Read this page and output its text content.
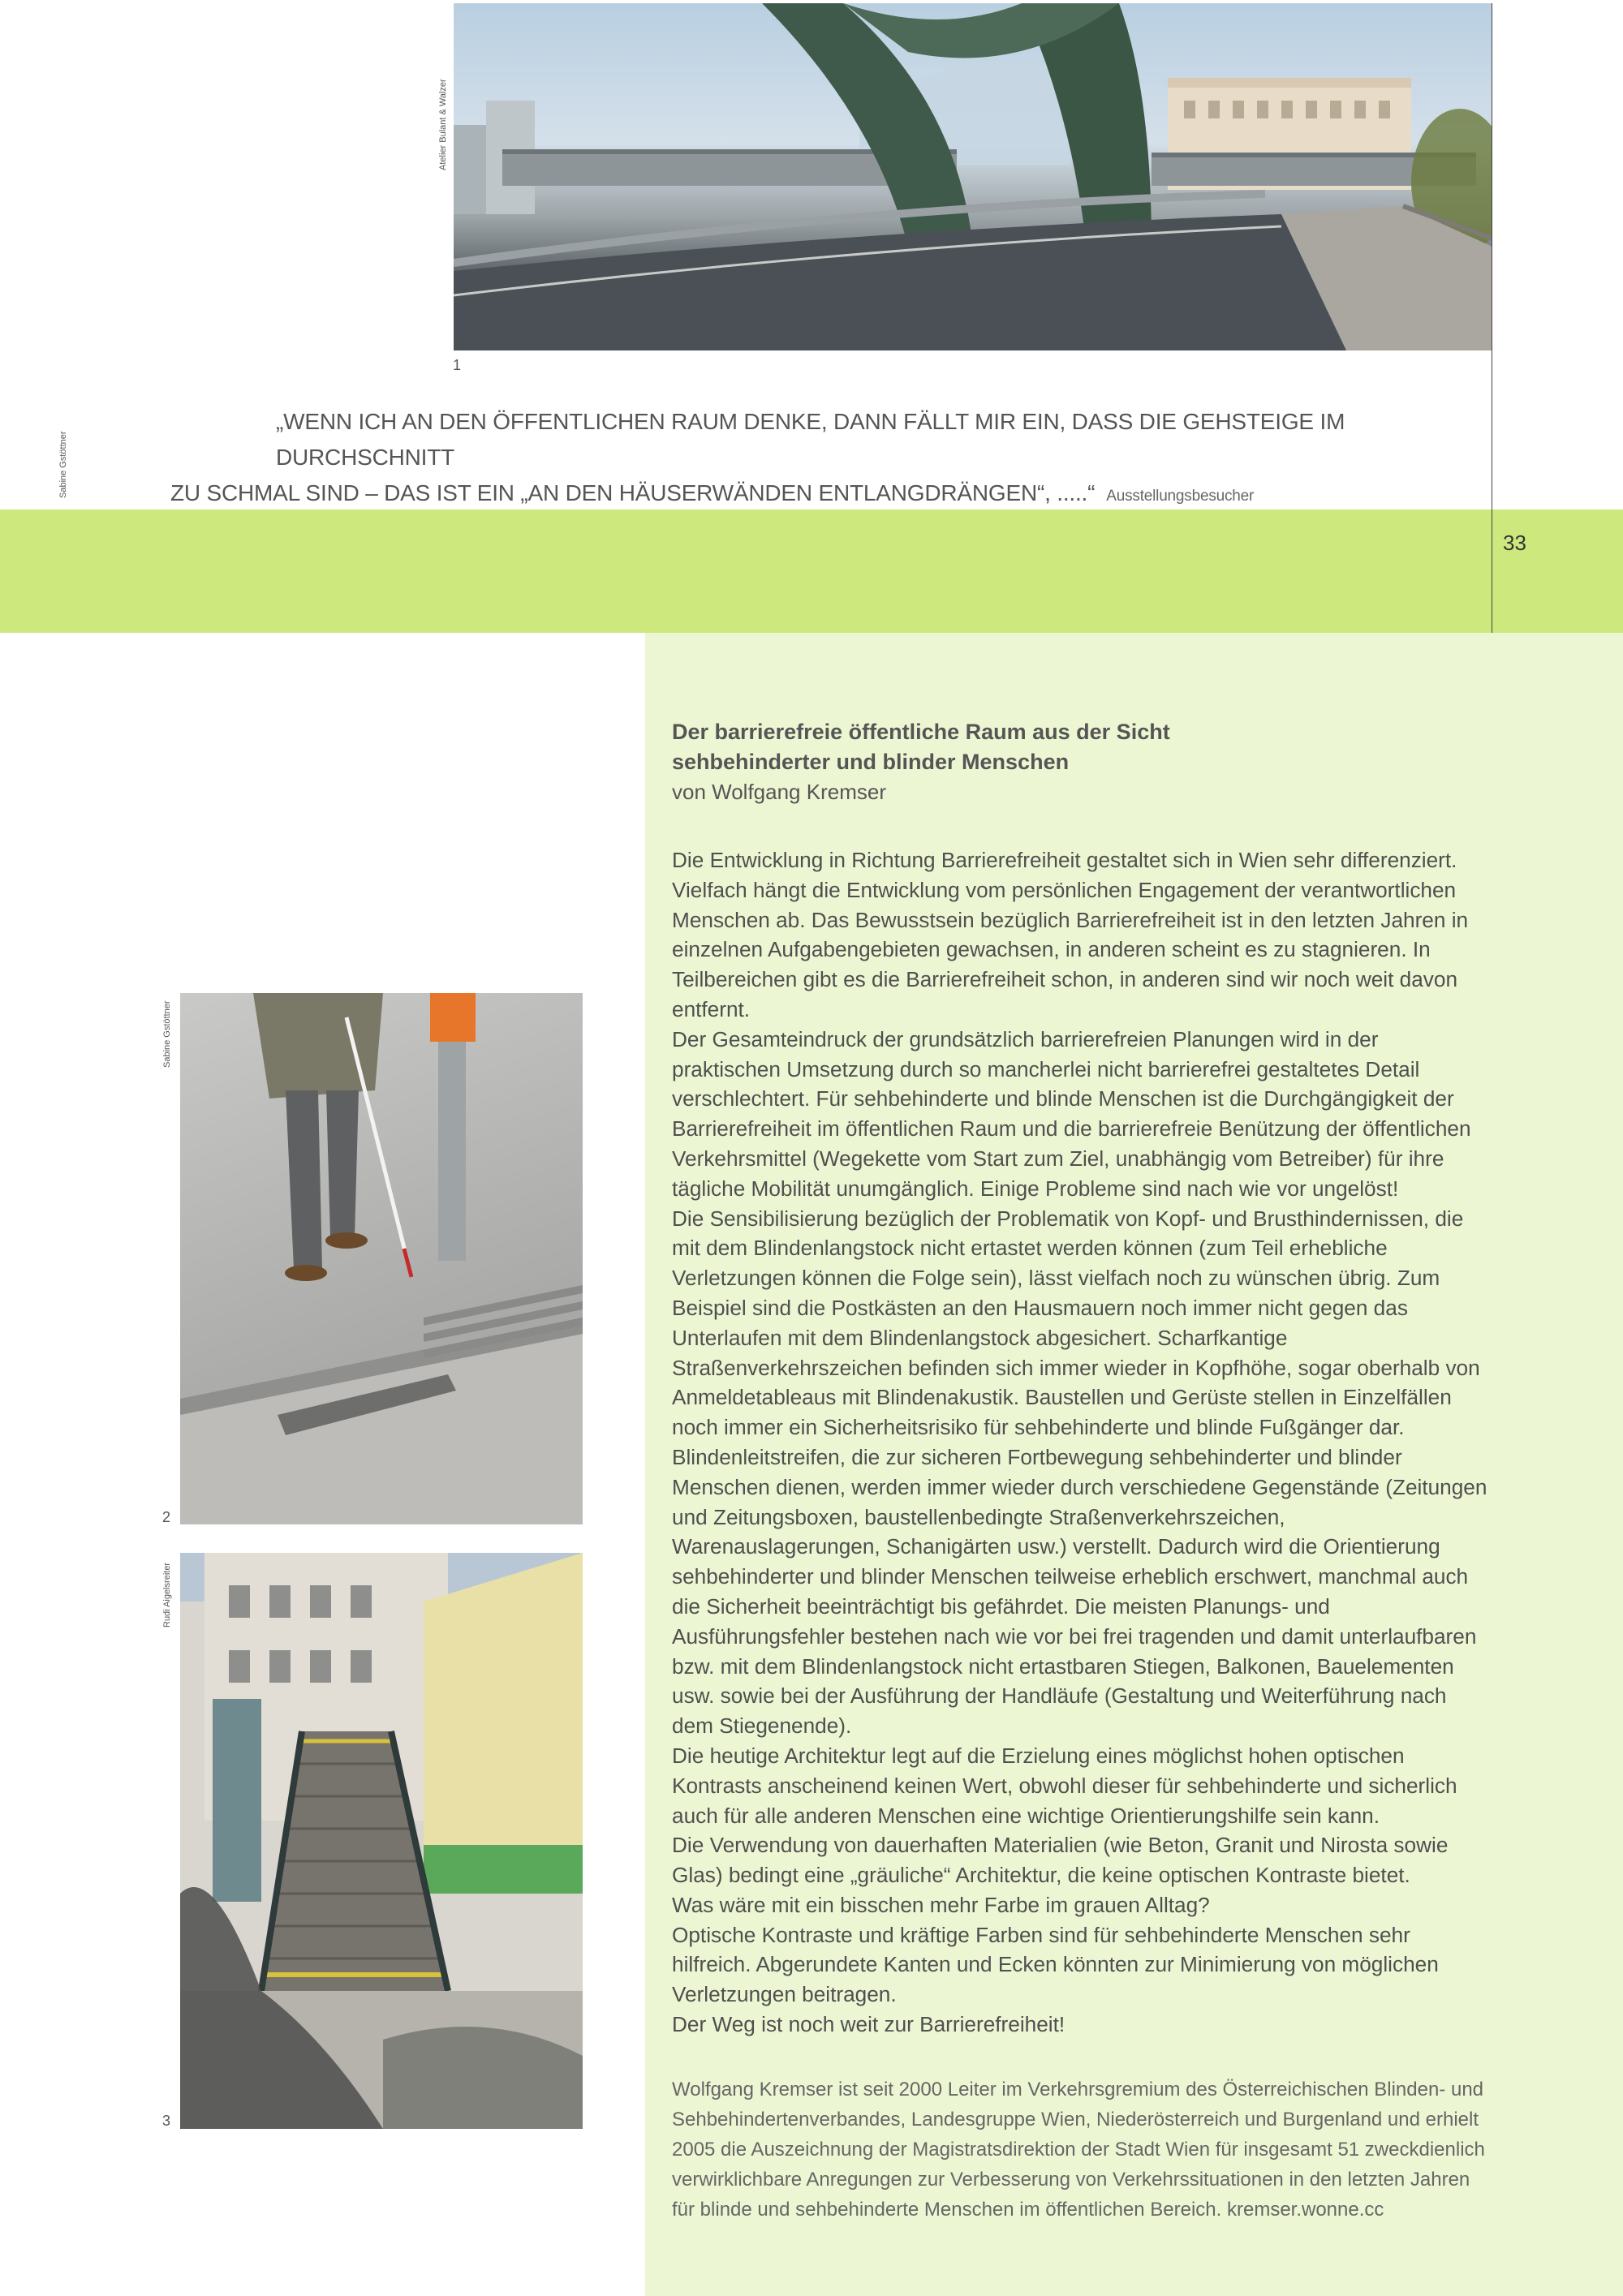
Atelier Bulant & Walzer
1
Sabine Gstöttner
„WENN ICH AN DEN ÖFFENTLICHEN RAUM DENKE, DANN FÄLLT MIR EIN, DASS DIE GEHSTEIGE IM DURCHSCHNITT
ZU SCHMAL SIND – DAS IST EIN „AN DEN HÄUSERWÄNDEN ENTLANGDRÄNGEN“, .....“ Ausstellungsbesucher
33
Der barrierefreie öffentliche Raum aus der Sicht
sehbehinderter und blinder Menschen
von Wolfgang Kremser

Die Entwicklung in Richtung Barrierefreiheit gestaltet sich in Wien sehr differenziert. Vielfach hängt die Entwicklung vom persönlichen Engagement der verantwortlichen Menschen ab. Das Bewusstsein bezüglich Barrierefreiheit ist in den letzten Jahren in einzelnen Aufgabengebieten gewachsen, in anderen scheint es zu stagnieren. In Teilbereichen gibt es die Barrierefreiheit schon, in anderen sind wir noch weit davon entfernt.

Der Gesamteindruck der grundsätzlich barrierefreien Planungen wird in der praktischen Umsetzung durch so mancherlei nicht barrierefrei gestaltetes Detail verschlechtert. Für sehbehinderte und blinde Menschen ist die Durchgängigkeit der Barrierefreiheit im öffentlichen Raum und die barrierefreie Benützung der öffentlichen Verkehrsmittel (Wegekette vom Start zum Ziel, unabhängig vom Betreiber) für ihre tägliche Mobilität unumgänglich. Einige Probleme sind nach wie vor ungelöst!

Die Sensibilisierung bezüglich der Problematik von Kopf- und Brusthindernissen, die mit dem Blindenlangstock nicht ertastet werden können (zum Teil erhebliche Verletzungen können die Folge sein), lässt vielfach noch zu wünschen übrig. Zum Beispiel sind die Postkästen an den Hausmauern noch immer nicht gegen das Unterlaufen mit dem Blindenlangstock abgesichert. Scharfkantige Straßenverkehrszeichen befinden sich immer wieder in Kopfhöhe, sogar oberhalb von Anmeldetableaus mit Blindenakustik. Baustellen und Gerüste stellen in Einzelfällen noch immer ein Sicherheitsrisiko für sehbehinderte und blinde Fußgänger dar.

Blindenleitstreifen, die zur sicheren Fortbewegung sehbehinderter und blinder Menschen dienen, werden immer wieder durch verschiedene Gegenstände (Zeitungen und Zeitungsboxen, baustellenbedingte Straßenverkehrszeichen, Warenauslagerungen, Schanigärten usw.) verstellt. Dadurch wird die Orientierung sehbehinderter und blinder Menschen teilweise erheblich erschwert, manchmal auch die Sicherheit beeinträchtigt bis gefährdet. Die meisten Planungs- und Ausführungsfehler bestehen nach wie vor bei frei tragenden und damit unterlaufbaren bzw. mit dem Blindenlangstock nicht ertastbaren Stiegen, Balkonen, Bauelementen usw. sowie bei der Ausführung der Handläufe (Gestaltung und Weiterführung nach dem Stiegenende).

Die heutige Architektur legt auf die Erzielung eines möglichst hohen optischen Kontrasts anscheinend keinen Wert, obwohl dieser für sehbehinderte und sicherlich auch für alle anderen Menschen eine wichtige Orientierungshilfe sein kann.

Die Verwendung von dauerhaften Materialien (wie Beton, Granit und Nirosta sowie Glas) bedingt eine „gräuliche“ Architektur, die keine optischen Kontraste bietet.

Was wäre mit ein bisschen mehr Farbe im grauen Alltag?

Optische Kontraste und kräftige Farben sind für sehbehinderte Menschen sehr hilfreich. Abgerundete Kanten und Ecken könnten zur Minimierung von möglichen Verletzungen beitragen.

Der Weg ist noch weit zur Barrierefreiheit!

Wolfgang Kremser ist seit 2000 Leiter im Verkehrsgremium des Österreichischen Blinden- und Sehbehindertenverbandes, Landesgruppe Wien, Niederösterreich und Burgenland und erhielt 2005 die Auszeichnung der Magistratsdirektion der Stadt Wien für insgesamt 51 zweckdienlich verwirklichbare Anregungen zur Verbesserung von Verkehrssituationen in den letzten Jahren für blinde und sehbehinderte Menschen im öffentlichen Bereich. kremser.wonne.cc
Sabine Gstöttner
2
Rudi Aigelsreiter
3
